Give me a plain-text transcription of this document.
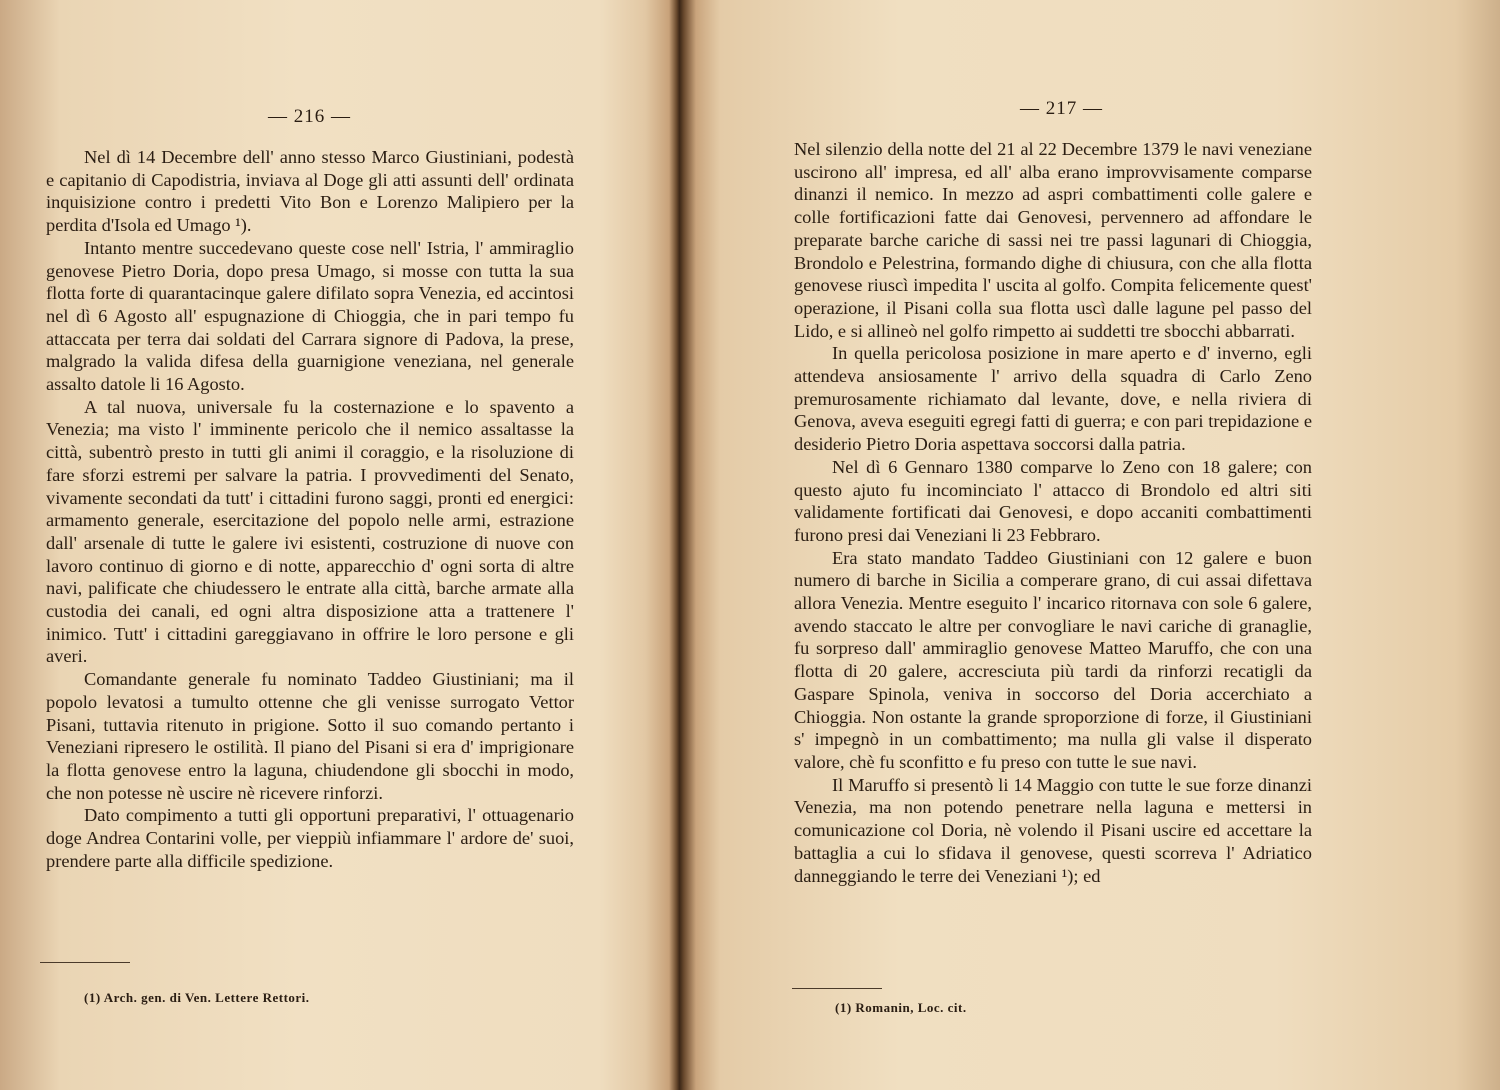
— 216 —

Nel dì 14 Decembre dell' anno stesso Marco Giustiniani, podestà e capitanio di Capodistria, inviava al Doge gli atti assunti dell' ordinata inquisizione contro i predetti Vito Bon e Lorenzo Malipiero per la perdita d'Isola ed Umago ¹).

Intanto mentre succedevano queste cose nell' Istria, l' ammiraglio genovese Pietro Doria, dopo presa Umago, si mosse con tutta la sua flotta forte di quarantacinque galere difilato sopra Venezia, ed accintosi nel dì 6 Agosto all' espugnazione di Chioggia, che in pari tempo fu attaccata per terra dai soldati del Carrara signore di Padova, la prese, malgrado la valida difesa della guarnigione veneziana, nel generale assalto datole li 16 Agosto.

A tal nuova, universale fu la costernazione e lo spavento a Venezia; ma visto l' imminente pericolo che il nemico assaltasse la città, subentrò presto in tutti gli animi il coraggio, e la risoluzione di fare sforzi estremi per salvare la patria. I provvedimenti del Senato, vivamente secondati da tutt' i cittadini furono saggi, pronti ed energici: armamento generale, esercitazione del popolo nelle armi, estrazione dall' arsenale di tutte le galere ivi esistenti, costruzione di nuove con lavoro continuo di giorno e di notte, apparecchio d' ogni sorta di altre navi, palificate che chiudessero le entrate alla città, barche armate alla custodia dei canali, ed ogni altra disposizione atta a trattenere l' inimico. Tutt' i cittadini gareggiavano in offrire le loro persone e gli averi.

Comandante generale fu nominato Taddeo Giustiniani; ma il popolo levatosi a tumulto ottenne che gli venisse surrogato Vettor Pisani, tuttavia ritenuto in prigione. Sotto il suo comando pertanto i Veneziani ripresero le ostilità. Il piano del Pisani si era d' imprigionare la flotta genovese entro la laguna, chiudendone gli sbocchi in modo, che non potesse nè uscire nè ricevere rinforzi.

Dato compimento a tutti gli opportuni preparativi, l' ottuagenario doge Andrea Contarini volle, per vieppiù infiammare l' ardore de' suoi, prendere parte alla difficile spedizione.

(1) Arch. gen. di Ven. Lettere Rettori.
— 217 —

Nel silenzio della notte del 21 al 22 Decembre 1379 le navi veneziane uscirono all' impresa, ed all' alba erano improvvisamente comparse dinanzi il nemico. In mezzo ad aspri combattimenti colle galere e colle fortificazioni fatte dai Genovesi, pervennero ad affondare le preparate barche cariche di sassi nei tre passi lagunari di Chioggia, Brondolo e Pelestrina, formando dighe di chiusura, con che alla flotta genovese riuscì impedita l' uscita al golfo. Compita felicemente quest' operazione, il Pisani colla sua flotta uscì dalle lagune pel passo del Lido, e si allineò nel golfo rimpetto ai suddetti tre sbocchi abbarrati.

In quella pericolosa posizione in mare aperto e d' inverno, egli attendeva ansiosamente l' arrivo della squadra di Carlo Zeno premurosamente richiamato dal levante, dove, e nella riviera di Genova, aveva eseguiti egregi fatti di guerra; e con pari trepidazione e desiderio Pietro Doria aspettava soccorsi dalla patria.

Nel dì 6 Gennaro 1380 comparve lo Zeno con 18 galere; con questo ajuto fu incominciato l' attacco di Brondolo ed altri siti validamente fortificati dai Genovesi, e dopo accaniti combattimenti furono presi dai Veneziani li 23 Febbraro.

Era stato mandato Taddeo Giustiniani con 12 galere e buon numero di barche in Sicilia a comperare grano, di cui assai difettava allora Venezia. Mentre eseguito l' incarico ritornava con sole 6 galere, avendo staccato le altre per convogliare le navi cariche di granaglie, fu sorpreso dall' ammiraglio genovese Matteo Maruffo, che con una flotta di 20 galere, accresciuta più tardi da rinforzi recatigli da Gaspare Spinola, veniva in soccorso del Doria accerchiato a Chioggia. Non ostante la grande sproporzione di forze, il Giustiniani s' impegnò in un combattimento; ma nulla gli valse il disperato valore, chè fu sconfitto e fu preso con tutte le sue navi.

Il Maruffo si presentò li 14 Maggio con tutte le sue forze dinanzi Venezia, ma non potendo penetrare nella laguna e mettersi in comunicazione col Doria, nè volendo il Pisani uscire ed accettare la battaglia a cui lo sfidava il genovese, questi scorreva l' Adriatico danneggiando le terre dei Veneziani ¹); ed

(1) Romanin, Loc. cit.
